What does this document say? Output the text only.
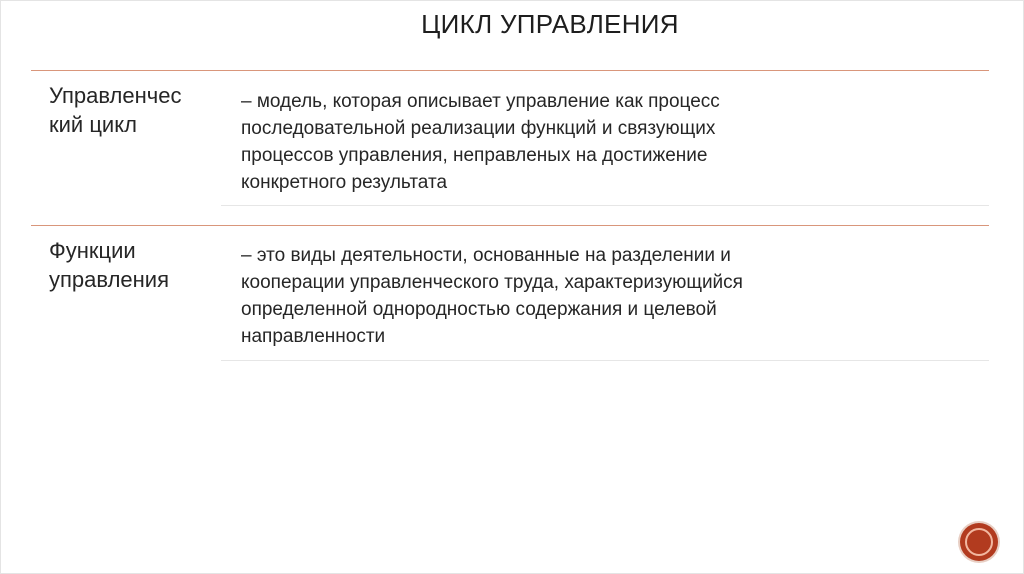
ЦИКЛ УПРАВЛЕНИЯ
Управленчес
кий цикл
– модель, которая описывает управление как процесс
последовательной реализации функций и связующих
процессов управления, неправленых на достижение
конкретного результата
Функции
управления
– это виды деятельности, основанные на разделении и
кооперации управленческого труда, характеризующийся
определенной однородностью содержания и целевой
направленности
